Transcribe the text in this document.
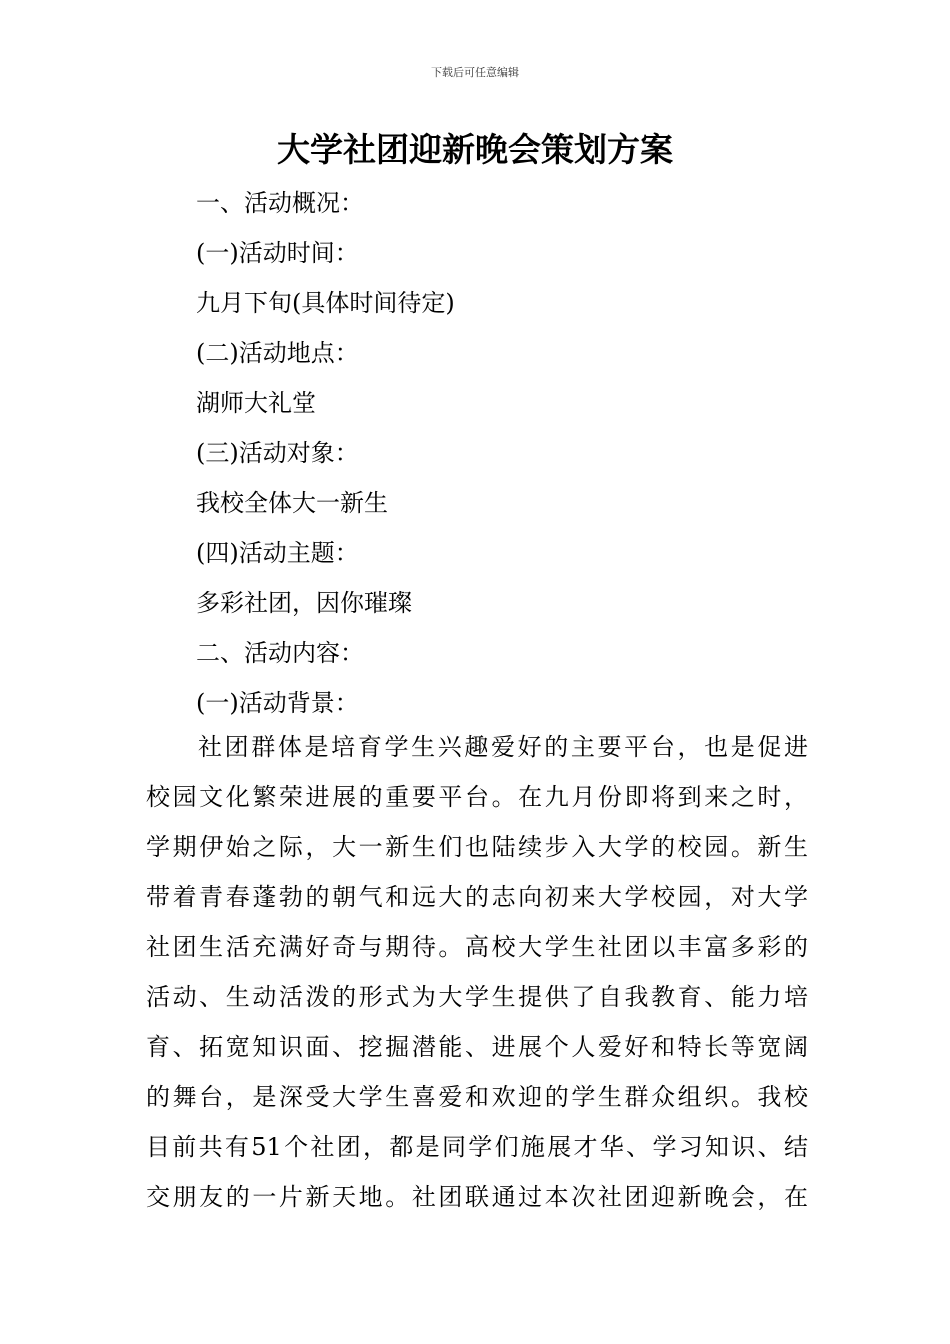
下载后可任意编辑
大学社团迎新晚会策划方案
一、活动概况：
(一)活动时间：
九月下旬(具体时间待定)
(二)活动地点：
湖师大礼堂
(三)活动对象：
我校全体大一新生
(四)活动主题：
多彩社团，因你璀璨
二、活动内容：
(一)活动背景：
社团群体是培育学生兴趣爱好的主要平台，也是促进
校园文化繁荣进展的重要平台。在九月份即将到来之时，
学期伊始之际，大一新生们也陆续步入大学的校园。新生
带着青春蓬勃的朝气和远大的志向初来大学校园，对大学
社团生活充满好奇与期待。高校大学生社团以丰富多彩的
活动、生动活泼的形式为大学生提供了自我教育、能力培
育、拓宽知识面、挖掘潜能、进展个人爱好和特长等宽阔
的舞台，是深受大学生喜爱和欢迎的学生群众组织。我校
目前共有51个社团，都是同学们施展才华、学习知识、结
交朋友的一片新天地。社团联通过本次社团迎新晚会，在
